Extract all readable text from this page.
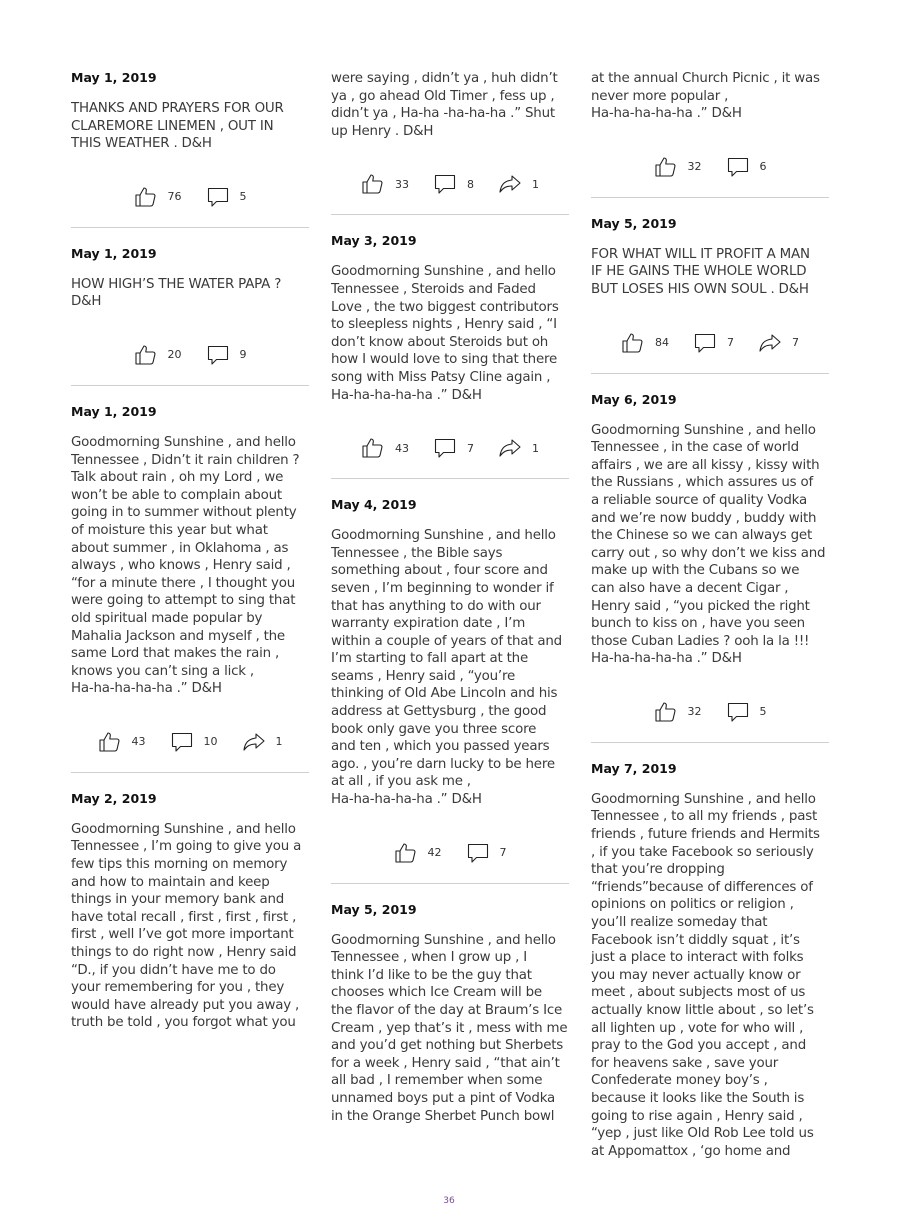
May 1, 2019
THANKS AND PRAYERS FOR OUR
CLAREMORE LINEMEN , OUT IN
THIS WEATHER . D&H
76	5
May 1, 2019
HOW HIGH’S THE WATER PAPA ?
D&H
20	9
May 1, 2019
Goodmorning Sunshine , and hello
Tennessee , Didn’t it rain children ?
Talk about rain , oh my Lord , we
won’t be able to complain about
going in to summer without plenty
of moisture this year but what
about summer , in Oklahoma , as
always , who knows , Henry said ,
“for a minute there , I thought you
were going to attempt to sing that
old spiritual made popular by
Mahalia Jackson and myself , the
same Lord that makes the rain ,
knows you can’t sing a lick ,
Ha-ha-ha-ha-ha .” D&H
43	10	1
May 2, 2019
Goodmorning Sunshine , and hello
Tennessee , I’m going to give you a
few tips this morning on memory
and how to maintain and keep
things in your memory bank and
have total recall , first , first , first ,
first , well I’ve got more important
things to do right now , Henry said
“D., if you didn’t have me to do
your remembering for you , they
would have already put you away ,
truth be told , you forgot what you
were saying , didn’t ya , huh didn’t
ya , go ahead Old Timer , fess up ,
didn’t ya , Ha-ha -ha-ha-ha .” Shut
up Henry . D&H
33	8	1
May 3, 2019
Goodmorning Sunshine , and hello
Tennessee , Steroids and Faded
Love , the two biggest contributors
to sleepless nights , Henry said , “I
don’t know about Steroids but oh
how I would love to sing that there
song with Miss Patsy Cline again ,
Ha-ha-ha-ha-ha .” D&H
43	7	1
May 4, 2019
Goodmorning Sunshine , and hello
Tennessee , the Bible says
something about , four score and
seven , I’m beginning to wonder if
that has anything to do with our
warranty expiration date , I’m
within a couple of years of that and
I’m starting to fall apart at the
seams , Henry said , “you’re
thinking of Old Abe Lincoln and his
address at Gettysburg , the good
book only gave you three score
and ten , which you passed years
ago. , you’re darn lucky to be here
at all , if you ask me ,
Ha-ha-ha-ha-ha .” D&H
42	7
May 5, 2019
Goodmorning Sunshine , and hello
Tennessee , when I grow up , I
think I’d like to be the guy that
chooses which Ice Cream will be
the flavor of the day at Braum’s Ice
Cream , yep that’s it , mess with me
and you’d get nothing but Sherbets
for a week , Henry said , “that ain’t
all bad , I remember when some
unnamed boys put a pint of Vodka
in the Orange Sherbet Punch bowl
at the annual Church Picnic , it was
never more popular ,
Ha-ha-ha-ha-ha .” D&H
32	6
May 5, 2019
FOR WHAT WILL IT PROFIT A MAN
IF HE GAINS THE WHOLE WORLD
BUT LOSES HIS OWN SOUL . D&H
84	7	7
May 6, 2019
Goodmorning Sunshine , and hello
Tennessee , in the case of world
affairs , we are all kissy , kissy with
the Russians , which assures us of
a reliable source of quality Vodka
and we’re now buddy , buddy with
the Chinese so we can always get
carry out , so why don’t we kiss and
make up with the Cubans so we
can also have a decent Cigar ,
Henry said , “you picked the right
bunch to kiss on , have you seen
those Cuban Ladies ? ooh la la !!!
Ha-ha-ha-ha-ha .” D&H
32	5
May 7, 2019
Goodmorning Sunshine , and hello
Tennessee , to all my friends , past
friends , future friends and Hermits
, if you take Facebook so seriously
that you’re dropping
“friends”because of differences of
opinions on politics or religion ,
you’ll realize someday that
Facebook isn’t diddly squat , it’s
just a place to interact with folks
you may never actually know or
meet , about subjects most of us
actually know little about , so let’s
all lighten up , vote for who will ,
pray to the God you accept , and
for heavens sake , save your
Confederate money boy’s ,
because it looks like the South is
going to rise again , Henry said ,
“yep , just like Old Rob Lee told us
at Appomattox , ‘go home and
36
